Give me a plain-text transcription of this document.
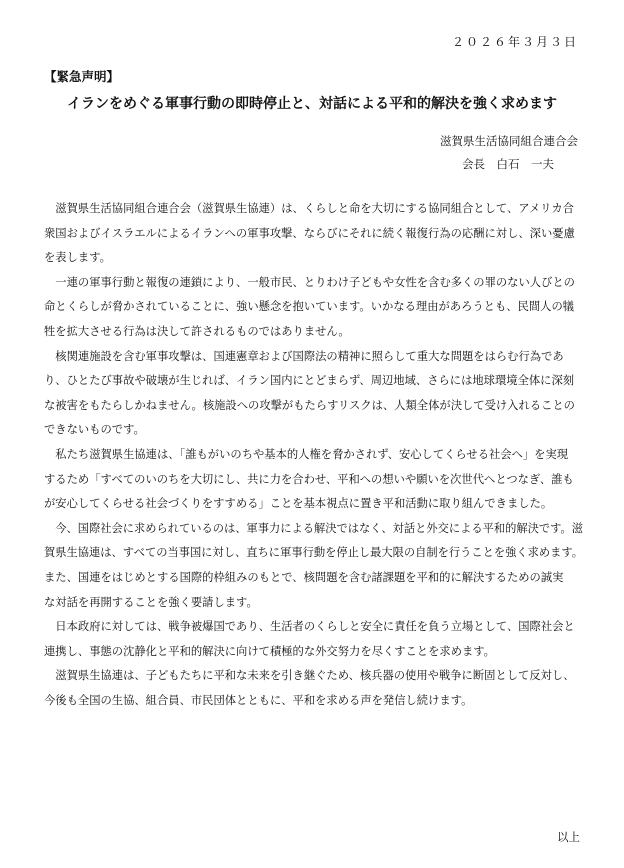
２０２６年３月３日
【緊急声明】
イランをめぐる軍事行動の即時停止と、対話による平和的解決を強く求めます
滋賀県生活協同組合連合会
会長　白石　一夫
滋賀県生活協同組合連合会（滋賀県生協連）は、くらしと命を大切にする協同組合として、アメリカ合
衆国およびイスラエルによるイランへの軍事攻撃、ならびにそれに続く報復行為の応酬に対し、深い憂慮
を表します。
一連の軍事行動と報復の連鎖により、一般市民、とりわけ子どもや女性を含む多くの罪のない人びとの
命とくらしが脅かされていることに、強い懸念を抱いています。いかなる理由があろうとも、民間人の犠
牲を拡大させる行為は決して許されるものではありません。
核関連施設を含む軍事攻撃は、国連憲章および国際法の精神に照らして重大な問題をはらむ行為であ
り、ひとたび事故や破壊が生じれば、イラン国内にとどまらず、周辺地域、さらには地球環境全体に深刻
な被害をもたらしかねません。核施設への攻撃がもたらすリスクは、人類全体が決して受け入れることの
できないものです。
私たち滋賀県生協連は、「誰もがいのちや基本的人権を脅かされず、安心してくらせる社会へ」を実現
するため「すべてのいのちを大切にし、共に力を合わせ、平和への想いや願いを次世代へとつなぎ、誰も
が安心してくらせる社会づくりをすすめる」ことを基本視点に置き平和活動に取り組んできました。
今、国際社会に求められているのは、軍事力による解決ではなく、対話と外交による平和的解決です。滋
賀県生協連は、すべての当事国に対し、直ちに軍事行動を停止し最大限の自制を行うことを強く求めます。
また、国連をはじめとする国際的枠組みのもとで、核問題を含む諸課題を平和的に解決するための誠実
な対話を再開することを強く要請します。
日本政府に対しては、戦争被爆国であり、生活者のくらしと安全に責任を負う立場として、国際社会と
連携し、事態の沈静化と平和的解決に向けて積極的な外交努力を尽くすことを求めます。
滋賀県生協連は、子どもたちに平和な未来を引き継ぐため、核兵器の使用や戦争に断固として反対し、
今後も全国の生協、組合員、市民団体とともに、平和を求める声を発信し続けます。
以上
